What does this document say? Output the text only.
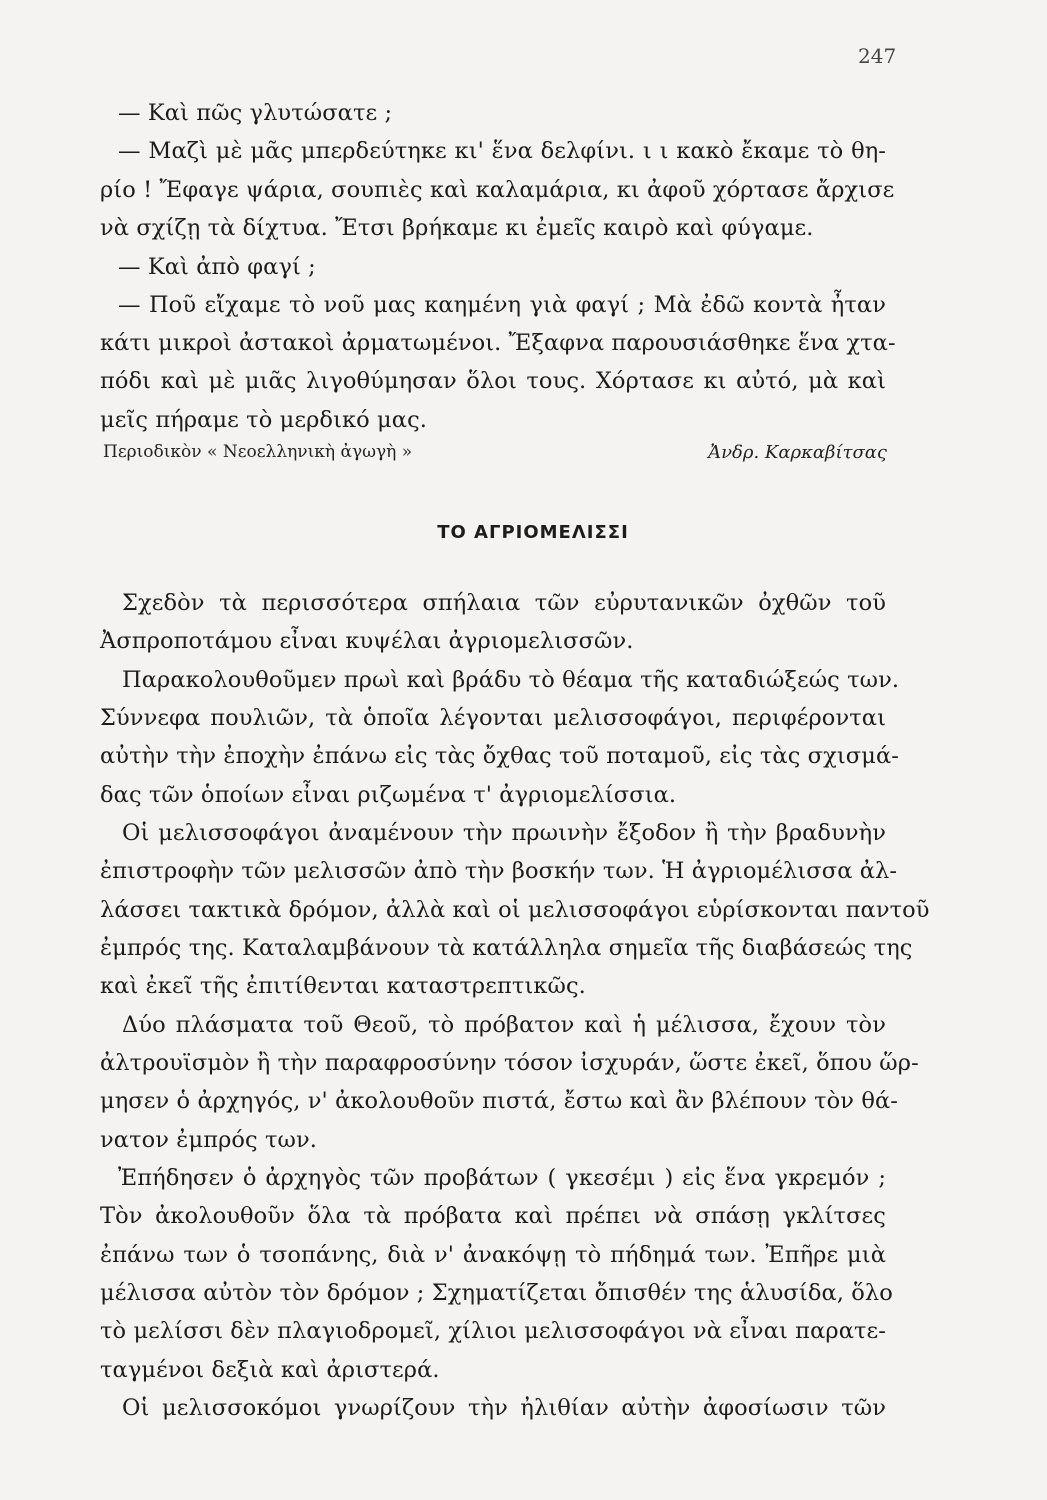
247
— Καὶ πῶς γλυτώσατε ;
— Μαζὶ μὲ μᾶς μπερδεύτηκε κι' ἕνα δελφίνι. ι ι κακὸ ἔκαμε τὸ θη-
ρίο ! Ἔφαγε ψάρια, σουπιὲς καὶ καλαμάρια, κι ἀφοῦ χόρτασε ἄρχισε
νὰ σχίζῃ τὰ δίχτυα. Ἔτσι βρήκαμε κι ἐμεῖς καιρὸ καὶ φύγαμε.
— Καὶ ἀπὸ φαγί ;
— Ποῦ εἴχαμε τὸ νοῦ μας καημένη γιὰ φαγί ; Μὰ ἐδῶ κοντὰ ἦταν
κάτι μικροὶ ἀστακοὶ ἀρματωμένοι. Ἔξαφνα παρουσιάσθηκε ἕνα χτα-
πόδι καὶ μὲ μιᾶς λιγοθύμησαν ὅλοι τους. Χόρτασε κι αὐτό, μὰ καὶ
μεῖς πήραμε τὸ μερδικό μας.
Περιοδικὸν « Νεοελληνικὴ ἀγωγὴ »	Ἀνδρ. Καρκαβίτσας
ΤΟ ΑΓΡΙΟΜΕΛΙΣΣΙ
Σχεδὸν τὰ περισσότερα σπήλαια τῶν εὐρυτανικῶν ὀχθῶν τοῦ
Ἀσπροποτάμου εἶναι κυψέλαι ἀγριομελισσῶν.
Παρακολουθοῦμεν πρωὶ καὶ βράδυ τὸ θέαμα τῆς καταδιώξεώς των.
Σύννεφα πουλιῶν, τὰ ὁποῖα λέγονται μελισσοφάγοι, περιφέρονται
αὐτὴν τὴν ἐποχὴν ἐπάνω εἰς τὰς ὄχθας τοῦ ποταμοῦ, εἰς τὰς σχισμά-
δας τῶν ὁποίων εἶναι ριζωμένα τ' ἀγριομελίσσια.
Οἱ μελισσοφάγοι ἀναμένουν τὴν πρωινὴν ἔξοδον ἢ τὴν βραδυνὴν
ἐπιστροφὴν τῶν μελισσῶν ἀπὸ τὴν βοσκήν των. Ἡ ἀγριομέλισσα ἀλ-
λάσσει τακτικὰ δρόμον, ἀλλὰ καὶ οἱ μελισσοφάγοι εὑρίσκονται παντοῦ
ἐμπρός της. Καταλαμβάνουν τὰ κατάλληλα σημεῖα τῆς διαβάσεώς της
καὶ ἐκεῖ τῆς ἐπιτίθενται καταστρεπτικῶς.
Δύο πλάσματα τοῦ Θεοῦ, τὸ πρόβατον καὶ ἡ μέλισσα, ἔχουν τὸν
ἀλτρουϊσμὸν ἢ τὴν παραφροσύνην τόσον ἰσχυράν, ὥστε ἐκεῖ, ὅπου ὥρ-
μησεν ὁ ἀρχηγός, ν' ἀκολουθοῦν πιστά, ἔστω καὶ ἂν βλέπουν τὸν θά-
νατον ἐμπρός των.
Ἐπήδησεν ὁ ἀρχηγὸς τῶν προβάτων ( γκεσέμι ) εἰς ἕνα γκρεμόν ;
Τὸν ἀκολουθοῦν ὅλα τὰ πρόβατα καὶ πρέπει νὰ σπάσῃ γκλίτσες
ἐπάνω των ὁ τσοπάνης, διὰ ν' ἀνακόψῃ τὸ πήδημά των. Ἐπῆρε μιὰ
μέλισσα αὐτὸν τὸν δρόμον ; Σχηματίζεται ὄπισθέν της ἁλυσίδα, ὅλο
τὸ μελίσσι δὲν πλαγιοδρομεῖ, χίλιοι μελισσοφάγοι νὰ εἶναι παρατε-
ταγμένοι δεξιὰ καὶ ἀριστερά.
Οἱ μελισσοκόμοι γνωρίζουν τὴν ἠλιθίαν αὐτὴν ἀφοσίωσιν τῶν
